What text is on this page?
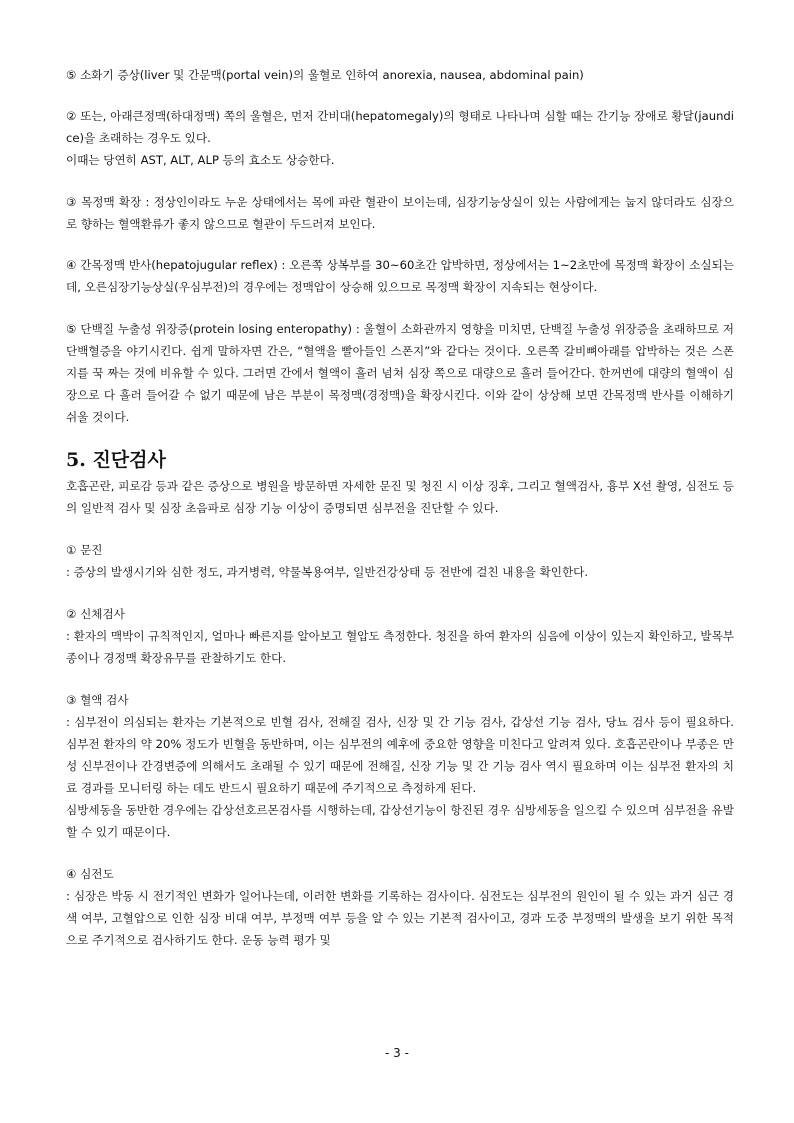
⑤ 소화기 증상(liver 및 간문맥(portal vein)의 울혈로 인하여 anorexia, nausea, abdominal pain)

② 또는, 아래큰정맥(하대정맥) 쪽의 울혈은, 먼저 간비대(hepatomegaly)의 형태로 나타나며 심할 때는 간기능 장애로 황달(jaundice)을 초래하는 경우도 있다.

이때는 당연히 AST, ALT, ALP 등의 효소도 상승한다.

③ 목정맥 확장 : 정상인이라도 누운 상태에서는 목에 파란 혈관이 보이는데, 심장기능상실이 있는 사람에게는 눕지 않더라도 심장으로 향하는 혈액환류가 좋지 않으므로 혈관이 두드러져 보인다.

④ 간목정맥 반사(hepatojugular reflex) : 오른쪽 상복부를 30~60초간 압박하면, 정상에서는 1~2초만에 목정맥 확장이 소실되는데, 오른심장기능상실(우심부전)의 경우에는 정맥압이 상승해 있으므로 목정맥 확장이 지속되는 현상이다.

⑤ 단백질 누출성 위장증(protein losing enteropathy) : 울혈이 소화관까지 영향을 미치면, 단백질 누출성 위장증을 초래하므로 저단백혈증을 야기시킨다. 쉽게 말하자면 간은, “혈액을 빨아들인 스폰지”와 같다는 것이다. 오른쪽 갈비뼈아래를 압박하는 것은 스폰지를 꾹 짜는 것에 비유할 수 있다. 그러면 간에서 혈액이 흘러 넘쳐 심장 쪽으로 대량으로 흘러 들어간다. 한꺼번에 대량의 혈액이 심장으로 다 흘러 들어갈 수 없기 때문에 남은 부분이 목정맥(경정맥)을 확장시킨다. 이와 같이 상상해 보면 간목정맥 반사를 이해하기 쉬울 것이다.

5. 진단검사

호흡곤란, 피로감 등과 같은 증상으로 병원을 방문하면 자세한 문진 및 청진 시 이상 징후, 그리고 혈액검사, 흉부 X선 촬영, 심전도 등의 일반적 검사 및 심장 초음파로 심장 기능 이상이 증명되면 심부전을 진단할 수 있다.

① 문진

: 증상의 발생시기와 심한 정도, 과거병력, 약물복용여부, 일반건강상태 등 전반에 걸친 내용을 확인한다.

② 신체검사

: 환자의 맥박이 규칙적인지, 얼마나 빠른지를 알아보고 혈압도 측정한다. 청진을 하여 환자의 심음에 이상이 있는지 확인하고, 발목부종이나 경정맥 확장유무를 관찰하기도 한다.

③ 혈액 검사

: 심부전이 의심되는 환자는 기본적으로 빈혈 검사, 전해질 검사, 신장 및 간 기능 검사, 갑상선 기능 검사, 당뇨 검사 등이 필요하다. 심부전 환자의 약 20% 정도가 빈혈을 동반하며, 이는 심부전의 예후에 중요한 영향을 미친다고 알려져 있다. 호흡곤란이나 부종은 만성 신부전이나 간경변증에 의해서도 초래될 수 있기 때문에 전해질, 신장 기능 및 간 기능 검사 역시 필요하며 이는 심부전 환자의 치료 경과를 모니터링 하는 데도 반드시 필요하기 때문에 주기적으로 측정하게 된다.

심방세동을 동반한 경우에는 갑상선호르몬검사를 시행하는데, 갑상선기능이 항진된 경우 심방세동을 일으킬 수 있으며 심부전을 유발할 수 있기 때문이다.

④ 심전도

: 심장은 박동 시 전기적인 변화가 일어나는데, 이러한 변화를 기록하는 검사이다. 심전도는 심부전의 원인이 될 수 있는 과거 심근 경색 여부, 고혈압으로 인한 심장 비대 여부, 부정맥 여부 등을 알 수 있는 기본적 검사이고, 경과 도중 부정맥의 발생을 보기 위한 목적으로 주기적으로 검사하기도 한다. 운동 능력 평가 및

- 3 -
